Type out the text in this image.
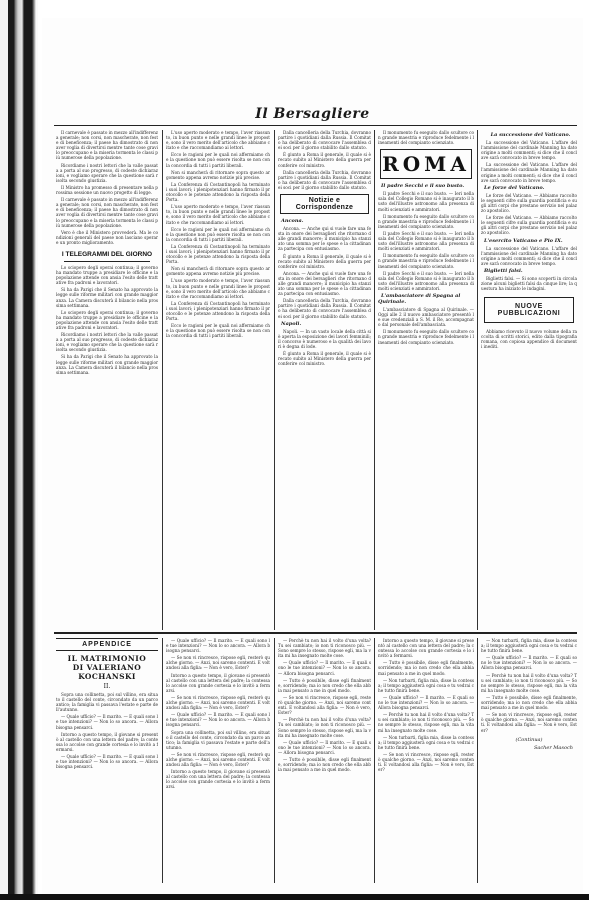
Il Bersagliere

Il carnevale è passato in mezzo all'indifferenza generale; non corsi, non mascherate, non feste di beneficenza; il paese ha dimostrato di non aver voglia di divertirsi mentre tante cose gravi lo preoccupano e la miseria tormenta le classi più numerose della popolazione.

Ricordiamo i nostri lettori che la valle passata a porta al suo progresso, di codeste dichiarazioni, e vogliamo sperare che la questione sarà risolta secondo giustizia.

Il Ministro ha promesso di presentare nella prossima sessione un nuovo progetto di legge.

Il carnevale è passato in mezzo all'indifferenza generale; non corsi, non mascherate, non feste di beneficenza; il paese ha dimostrato di non aver voglia di divertirsi mentre tante cose gravi lo preoccupano e la miseria tormenta le classi più numerose della popolazione.

Vero è che il Ministero provvederà. Ma le condizioni generali del paese non lasciano sperare un pronto miglioramento.

I TELEGRAMMI DEL GIORNO

Lo sciopero degli operai continua; il governo ha mandato truppe a presidiare le officine e la popolazione attende con ansia l'esito delle trattative fra padroni e lavoratori.

Si ha da Parigi che il Senato ha approvato la legge sulle riforme militari con grande maggioranza. La Camera discuterà il bilancio nella prossima settimana.

Lo sciopero degli operai continua; il governo ha mandato truppe a presidiare le officine e la popolazione attende con ansia l'esito delle trattative fra padroni e lavoratori.

Ricordiamo i nostri lettori che la valle passata a porta al suo progresso, di codeste dichiarazioni, e vogliamo sperare che la questione sarà risolta secondo giustizia.

Si ha da Parigi che il Senato ha approvato la legge sulle riforme militari con grande maggioranza. La Camera discuterà il bilancio nella prossima settimana.

L'uso aperto moderato e tempo, l'aver riassunto, in buon punto e nelle grandi linee le proposte, sono il vero merito dell'articolo che abbiamo citato e che raccomandiamo ai lettori.

Ecco le ragioni per le quali noi affermiamo che la questione non può essere risolta se non con la concordia di tutti i partiti liberali.

Non si mancherà di ritornare sopra questo argomento appena avremo notizie più precise.

La Conferenza di Costantinopoli ha terminato i suoi lavori; i plenipotenziari hanno firmato il protocollo e le potenze attendono la risposta della Porta.

L'uso aperto moderato e tempo, l'aver riassunto, in buon punto e nelle grandi linee le proposte, sono il vero merito dell'articolo che abbiamo citato e che raccomandiamo ai lettori.

Ecco le ragioni per le quali noi affermiamo che la questione non può essere risolta se non con la concordia di tutti i partiti liberali.

La Conferenza di Costantinopoli ha terminato i suoi lavori; i plenipotenziari hanno firmato il protocollo e le potenze attendono la risposta della Porta.

Non si mancherà di ritornare sopra questo argomento appena avremo notizie più precise.

L'uso aperto moderato e tempo, l'aver riassunto, in buon punto e nelle grandi linee le proposte, sono il vero merito dell'articolo che abbiamo citato e che raccomandiamo ai lettori.

La Conferenza di Costantinopoli ha terminato i suoi lavori; i plenipotenziari hanno firmato il protocollo e le potenze attendono la risposta della Porta.

Ecco le ragioni per le quali noi affermiamo che la questione non può essere risolta se non con la concordia di tutti i partiti liberali.

Dalla cancelleria della Turchia, dovranno partire i quotidiani dalla Russia. Il Comitato ha deliberato di convocare l'assemblea dei soci per il giorno stabilito dallo statuto.

È giunto a Roma il generale, il quale si è recato subito al Ministero della guerra per conferire col ministro.

Dalla cancelleria della Turchia, dovranno partire i quotidiani dalla Russia. Il Comitato ha deliberato di convocare l'assemblea dei soci per il giorno stabilito dallo statuto.

Notizie e Corrispondenze
Ancona.

Ancona. — Anche qui si vuole fare una festa in onore dei bersaglieri che ritornano dalle grandi manovre; il municipio ha stanziato una somma per le spese e la cittadinanza partecipa con entusiasmo.

È giunto a Roma il generale, il quale si è recato subito al Ministero della guerra per conferire col ministro.

Ancona. — Anche qui si vuole fare una festa in onore dei bersaglieri che ritornano dalle grandi manovre; il municipio ha stanziato una somma per le spese e la cittadinanza partecipa con entusiasmo.

Dalla cancelleria della Turchia, dovranno partire i quotidiani dalla Russia. Il Comitato ha deliberato di convocare l'assemblea dei soci per il giorno stabilito dallo statuto.

Napoli.

Napoli. — In un vasto locale della città si è aperta la esposizione dei lavori femminili; il concorso è numeroso e la qualità dei lavori è degna di lode.

È giunto a Roma il generale, il quale si è recato subito al Ministero della guerra per conferire col ministro.

Il monumento fu eseguito dallo scultore con grande maestria e riproduce fedelmente i lineamenti del compianto scienziato.

ROMA
Il padre Secchi e il suo busto.

Il padre Secchi e il suo busto. — Ieri nella sala del Collegio Romano si è inaugurato il busto dell'illustre astronomo alla presenza di molti scienziati e ammiratori.

Il monumento fu eseguito dallo scultore con grande maestria e riproduce fedelmente i lineamenti del compianto scienziato.

Il padre Secchi e il suo busto. — Ieri nella sala del Collegio Romano si è inaugurato il busto dell'illustre astronomo alla presenza di molti scienziati e ammiratori.

Il monumento fu eseguito dallo scultore con grande maestria e riproduce fedelmente i lineamenti del compianto scienziato.

Il padre Secchi e il suo busto. — Ieri nella sala del Collegio Romano si è inaugurato il busto dell'illustre astronomo alla presenza di molti scienziati e ammiratori.

L'ambasciatore di Spagna al Quirinale.

L'ambasciatore di Spagna al Quirinale. — Oggi alle 2 il nuovo ambasciatore presentò le sue credenziali a S. M. il Re, accompagnato dal personale dell'ambasciata.

Il monumento fu eseguito dallo scultore con grande maestria e riproduce fedelmente i lineamenti del compianto scienziato.

La successione del Vaticano.

La successione del Vaticano. L'affare dell'ammissione del cardinale Manning ha dato origine a molti commenti; si dice che il conclave sarà convocato in breve tempo.

La successione del Vaticano. L'affare dell'ammissione del cardinale Manning ha dato origine a molti commenti; si dice che il conclave sarà convocato in breve tempo.

Le forze del Vaticano.

Le forze del Vaticano. — Abbiamo raccolto le seguenti cifre sulla guardia pontificia e sugli altri corpi che prestano servizio nel palazzo apostolico.

Le forze del Vaticano. — Abbiamo raccolto le seguenti cifre sulla guardia pontificia e sugli altri corpi che prestano servizio nel palazzo apostolico.

L'esercito Vaticano e Pio IX.

La successione del Vaticano. L'affare dell'ammissione del cardinale Manning ha dato origine a molti commenti; si dice che il conclave sarà convocato in breve tempo.

Biglietti falsi.

Biglietti falsi. — Si sono scoperti in circolazione alcuni biglietti falsi da cinque lire; la questura ha iniziato le indagini.

NUOVE PUBBLICAZIONI

Abbiamo ricevuto il nuovo volume della raccolta di scritti storici, edito dalla tipografia romana, con copiosa appendice di documenti inediti.

APPENDICE
IL MATRIMONIO
DI VALERIANO KOCHANSKI
II.

Sopra una collinetta, poi sul villino, era situato il castello del conte, circondato da un parco antico; la famiglia vi passava l'estate e parte dell'autunno.

— Quale ufficio? — Il marito. — E quali sono le tue intenzioni? — Non lo so ancora. — Allora bisogna pensarci.

Intorno a questo tempo, il giovane si presentò al castello con una lettera del padre; la contessa lo accolse con grande cortesia e lo invitò a fermarsi.

— Quale ufficio? — Il marito. — E quali sono le tue intenzioni? — Non lo so ancora. — Allora bisogna pensarci.

— Quale ufficio? — Il marito. — E quali sono le tue intenzioni? — Non lo so ancora. — Allora bisogna pensarci.

— Se non vi rincresce, rispose egli, resterò qualche giorno. — Anzi, noi saremo contenti. E voltandosi alla figlia: — Non è vero, Ester?

Intorno a questo tempo, il giovane si presentò al castello con una lettera del padre; la contessa lo accolse con grande cortesia e lo invitò a fermarsi.

— Se non vi rincresce, rispose egli, resterò qualche giorno. — Anzi, noi saremo contenti. E voltandosi alla figlia: — Non è vero, Ester?

— Quale ufficio? — Il marito. — E quali sono le tue intenzioni? — Non lo so ancora. — Allora bisogna pensarci.

Sopra una collinetta, poi sul villino, era situato il castello del conte, circondato da un parco antico; la famiglia vi passava l'estate e parte dell'autunno.

— Se non vi rincresce, rispose egli, resterò qualche giorno. — Anzi, noi saremo contenti. E voltandosi alla figlia: — Non è vero, Ester?

Intorno a questo tempo, il giovane si presentò al castello con una lettera del padre; la contessa lo accolse con grande cortesia e lo invitò a fermarsi.

— Perchè tu non hai il volto d'una volta? Tu sei cambiato; io non ti riconosco più. — Sono sempre lo stesso, rispose egli, ma la vita mi ha insegnato molte cose.

— Quale ufficio? — Il marito. — E quali sono le tue intenzioni? — Non lo so ancora. — Allora bisogna pensarci.

— Tutto è possibile, disse egli finalmente, sorridendo; ma io non credo che ella abbia mai pensato a me in quel modo.

— Se non vi rincresce, rispose egli, resterò qualche giorno. — Anzi, noi saremo contenti. E voltandosi alla figlia: — Non è vero, Ester?

— Perchè tu non hai il volto d'una volta? Tu sei cambiato; io non ti riconosco più. — Sono sempre lo stesso, rispose egli, ma la vita mi ha insegnato molte cose.

— Quale ufficio? — Il marito. — E quali sono le tue intenzioni? — Non lo so ancora. — Allora bisogna pensarci.

— Tutto è possibile, disse egli finalmente, sorridendo; ma io non credo che ella abbia mai pensato a me in quel modo.

Intorno a questo tempo, il giovane si presentò al castello con una lettera del padre; la contessa lo accolse con grande cortesia e lo invitò a fermarsi.

— Tutto è possibile, disse egli finalmente, sorridendo; ma io non credo che ella abbia mai pensato a me in quel modo.

— Non turbarti, figlia mia, disse la contessa; il tempo aggiusterà ogni cosa e tu vedrai che tutto finirà bene.

— Quale ufficio? — Il marito. — E quali sono le tue intenzioni? — Non lo so ancora. — Allora bisogna pensarci.

— Perchè tu non hai il volto d'una volta? Tu sei cambiato; io non ti riconosco più. — Sono sempre lo stesso, rispose egli, ma la vita mi ha insegnato molte cose.

— Non turbarti, figlia mia, disse la contessa; il tempo aggiusterà ogni cosa e tu vedrai che tutto finirà bene.

— Se non vi rincresce, rispose egli, resterò qualche giorno. — Anzi, noi saremo contenti. E voltandosi alla figlia: — Non è vero, Ester?

— Non turbarti, figlia mia, disse la contessa; il tempo aggiusterà ogni cosa e tu vedrai che tutto finirà bene.

— Quale ufficio? — Il marito. — E quali sono le tue intenzioni? — Non lo so ancora. — Allora bisogna pensarci.

— Perchè tu non hai il volto d'una volta? Tu sei cambiato; io non ti riconosco più. — Sono sempre lo stesso, rispose egli, ma la vita mi ha insegnato molte cose.

— Tutto è possibile, disse egli finalmente, sorridendo; ma io non credo che ella abbia mai pensato a me in quel modo.

— Se non vi rincresce, rispose egli, resterò qualche giorno. — Anzi, noi saremo contenti. E voltandosi alla figlia: — Non è vero, Ester?

(Continua)
Sacher Masoch
